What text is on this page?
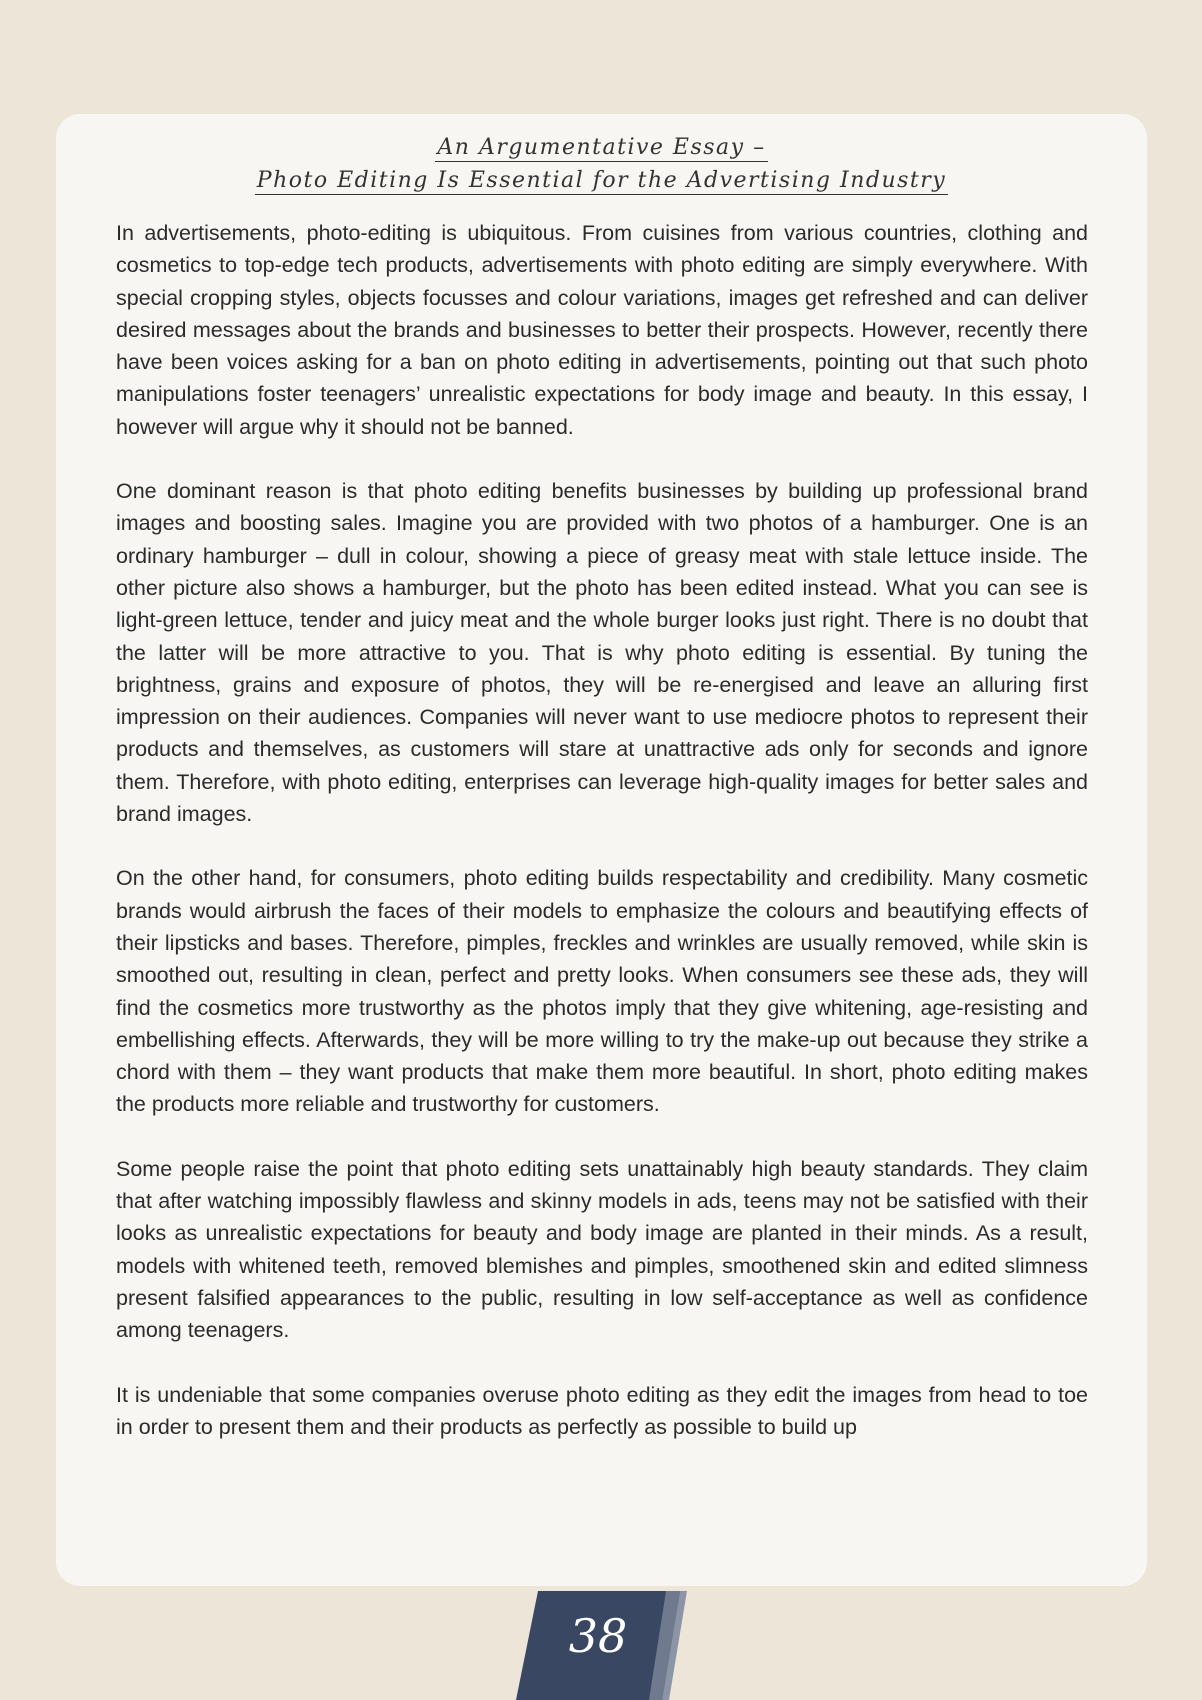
An Argumentative Essay –

Photo Editing Is Essential for the Advertising Industry

In advertisements, photo-editing is ubiquitous. From cuisines from various countries, clothing and cosmetics to top-edge tech products, advertisements with photo editing are simply everywhere. With special cropping styles, objects focusses and colour variations, images get refreshed and can deliver desired messages about the brands and businesses to better their prospects. However, recently there have been voices asking for a ban on photo editing in advertisements, pointing out that such photo manipulations foster teenagers’ unrealistic expectations for body image and beauty. In this essay, I however will argue why it should not be banned.

One dominant reason is that photo editing benefits businesses by building up professional brand images and boosting sales. Imagine you are provided with two photos of a hamburger. One is an ordinary hamburger – dull in colour, showing a piece of greasy meat with stale lettuce inside. The other picture also shows a hamburger, but the photo has been edited instead. What you can see is light-green lettuce, tender and juicy meat and the whole burger looks just right. There is no doubt that the latter will be more attractive to you. That is why photo editing is essential. By tuning the brightness, grains and exposure of photos, they will be re-energised and leave an alluring first impression on their audiences. Companies will never want to use mediocre photos to represent their products and themselves, as customers will stare at unattractive ads only for seconds and ignore them. Therefore, with photo editing, enterprises can leverage high-quality images for better sales and brand images.

On the other hand, for consumers, photo editing builds respectability and credibility. Many cosmetic brands would airbrush the faces of their models to emphasize the colours and beautifying effects of their lipsticks and bases. Therefore, pimples, freckles and wrinkles are usually removed, while skin is smoothed out, resulting in clean, perfect and pretty looks. When consumers see these ads, they will find the cosmetics more trustworthy as the photos imply that they give whitening, age-resisting and embellishing effects. Afterwards, they will be more willing to try the make-up out because they strike a chord with them – they want products that make them more beautiful. In short, photo editing makes the products more reliable and trustworthy for customers.

Some people raise the point that photo editing sets unattainably high beauty standards. They claim that after watching impossibly flawless and skinny models in ads, teens may not be satisfied with their looks as unrealistic expectations for beauty and body image are planted in their minds. As a result, models with whitened teeth, removed blemishes and pimples, smoothened skin and edited slimness present falsified appearances to the public, resulting in low self-acceptance as well as confidence among teenagers.

It is undeniable that some companies overuse photo editing as they edit the images from head to toe in order to present them and their products as perfectly as possible to build up

38
